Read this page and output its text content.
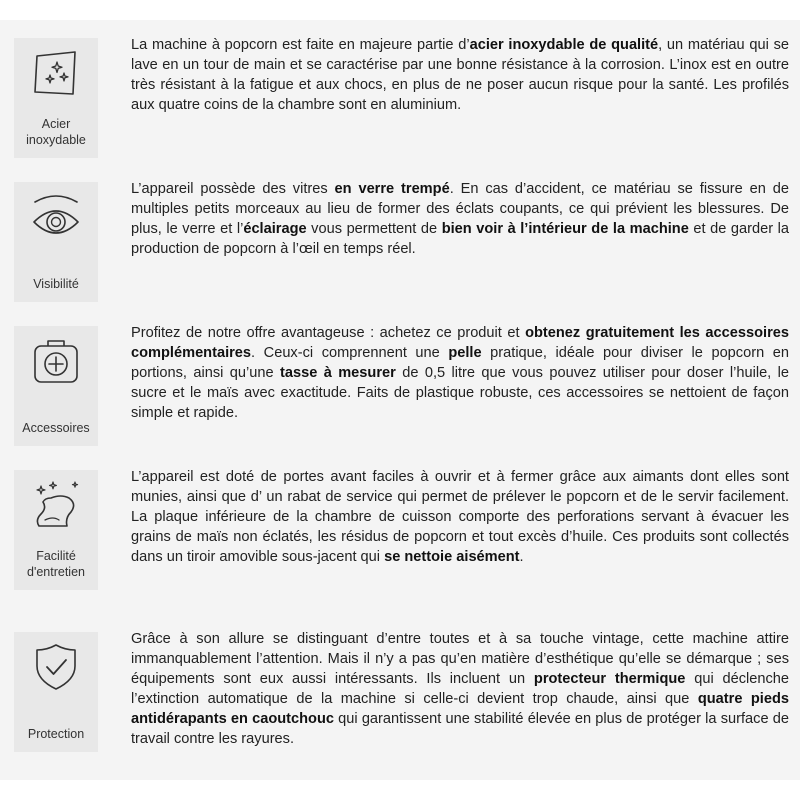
Acier
inoxydable
La machine à popcorn est faite en majeure partie d’acier inoxydable de qualité, un matériau qui se lave en un tour de main et se caractérise par une bonne résistance à la corrosion. L’inox est en outre très résistant à la fatigue et aux chocs, en plus de ne poser aucun risque pour la santé. Les profilés aux quatre coins de la chambre sont en aluminium.
Visibilité
L’appareil possède des vitres en verre trempé. En cas d’accident, ce matériau se fissure en de multiples petits morceaux au lieu de former des éclats coupants, ce qui prévient les blessures. De plus, le verre et l’éclairage vous permettent de bien voir à l’intérieur de la machine et de garder la production de popcorn à l’œil en temps réel.
Accessoires
Profitez de notre offre avantageuse : achetez ce produit et obtenez gratuitement les accessoires complémentaires. Ceux-ci comprennent une pelle pratique, idéale pour diviser le popcorn en portions, ainsi qu’une tasse à mesurer de 0,5 litre que vous pouvez utiliser pour doser l’huile, le sucre et le maïs avec exactitude. Faits de plastique robuste, ces accessoires se nettoient de façon simple et rapide.
Facilité
d'entretien
L’appareil est doté de portes avant faciles à ouvrir et à fermer grâce aux aimants dont elles sont munies, ainsi que d’ un rabat de service qui permet de prélever le popcorn et de le servir facilement. La plaque inférieure de la chambre de cuisson comporte des perforations servant à évacuer les grains de maïs non éclatés, les résidus de popcorn et tout excès d’huile. Ces produits sont collectés dans un tiroir amovible sous-jacent qui se nettoie aisément.
Protection
Grâce à son allure se distinguant d’entre toutes et à sa touche vintage, cette machine attire immanquablement l’attention. Mais il n’y a pas qu’en matière d’esthétique qu’elle se démarque ; ses équipements sont eux aussi intéressants. Ils incluent un protecteur thermique qui déclenche l’extinction automatique de la machine si celle-ci devient trop chaude, ainsi que quatre pieds antidérapants en caoutchouc qui garantissent une stabilité élevée en plus de protéger la surface de travail contre les rayures.
